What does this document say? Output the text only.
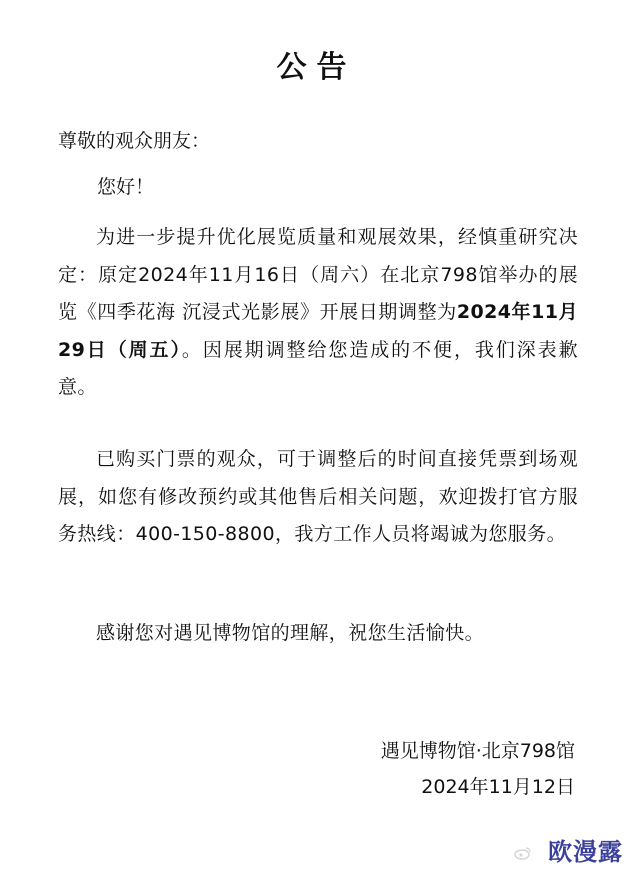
公告
尊敬的观众朋友：
您好！
为进一步提升优化展览质量和观展效果，经慎重研究决定：原定2024年11月16日（周六）在北京798馆举办的展览《四季花海 沉浸式光影展》开展日期调整为2024年11月29日（周五）。因展期调整给您造成的不便，我们深表歉意。
已购买门票的观众，可于调整后的时间直接凭票到场观展，如您有修改预约或其他售后相关问题，欢迎拨打官方服务热线：400-150-8800，我方工作人员将竭诚为您服务。
感谢您对遇见博物馆的理解，祝您生活愉快。
遇见博物馆·北京798馆
2024年11月12日
欧漫露
